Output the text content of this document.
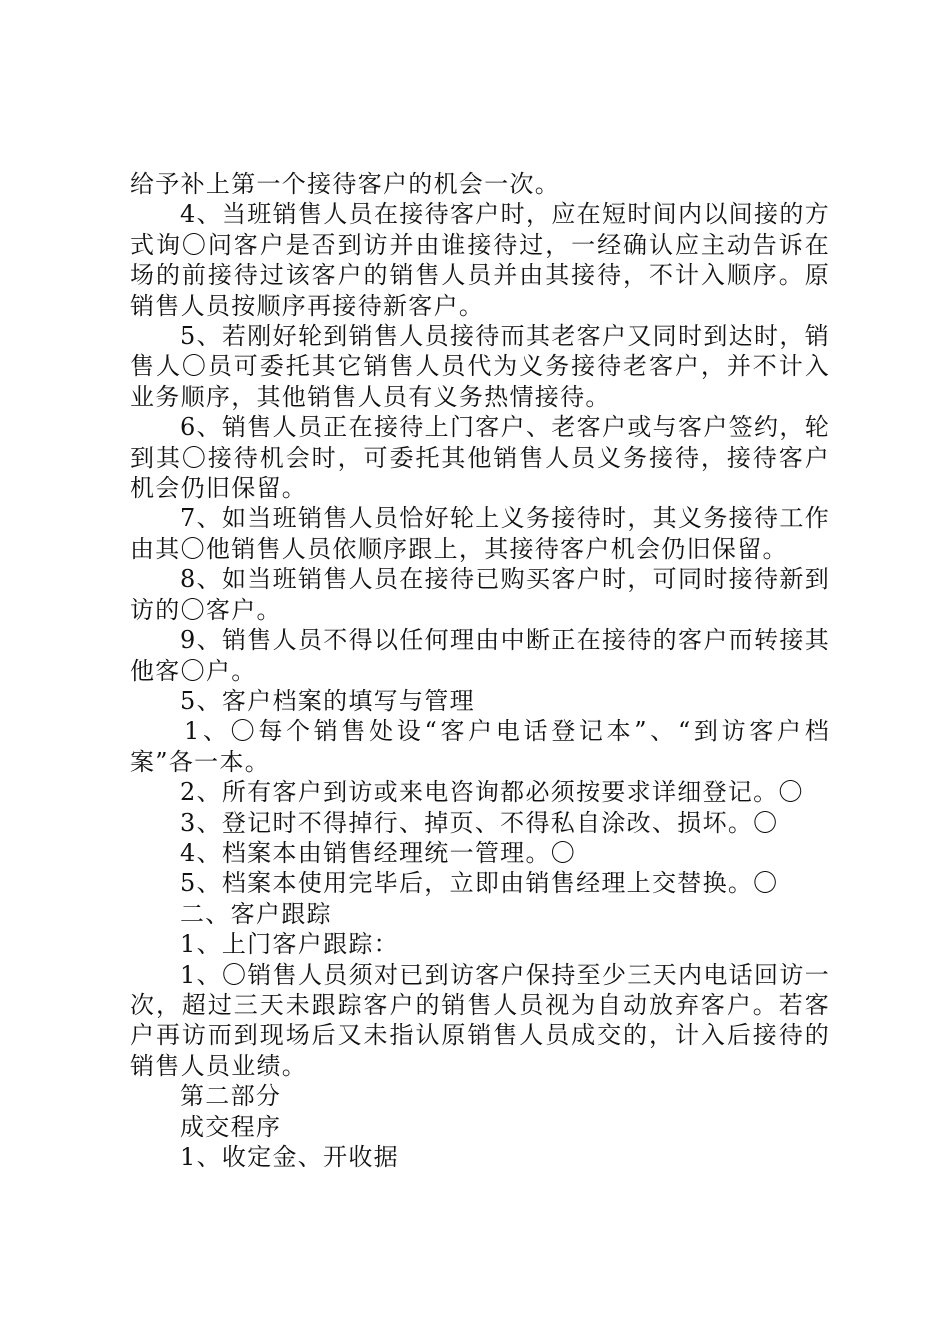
给予补上第一个接待客户的机会一次。

4、当班销售人员在接待客户时，应在短时间内以间接的方式询〇问客户是否到访并由谁接待过，一经确认应主动告诉在场的前接待过该客户的销售人员并由其接待，不计入顺序。原销售人员按顺序再接待新客户。

5、若刚好轮到销售人员接待而其老客户又同时到达时，销售人〇员可委托其它销售人员代为义务接待老客户，并不计入业务顺序，其他销售人员有义务热情接待。

6、销售人员正在接待上门客户、老客户或与客户签约，轮到其〇接待机会时，可委托其他销售人员义务接待，接待客户机会仍旧保留。

7、如当班销售人员恰好轮上义务接待时，其义务接待工作由其〇他销售人员依顺序跟上，其接待客户机会仍旧保留。

8、如当班销售人员在接待已购买客户时，可同时接待新到访的〇客户。

9、销售人员不得以任何理由中断正在接待的客户而转接其他客〇户。

5、客户档案的填写与管理

1、〇每个销售处设“客户电话登记本”、“到访客户档案”各一本。

2、所有客户到访或来电咨询都必须按要求详细登记。〇

3、登记时不得掉行、掉页、不得私自涂改、损坏。〇

4、档案本由销售经理统一管理。〇

5、档案本使用完毕后，立即由销售经理上交替换。〇

二、客户跟踪

1、上门客户跟踪：

1、〇销售人员须对已到访客户保持至少三天内电话回访一次，超过三天未跟踪客户的销售人员视为自动放弃客户。若客户再访而到现场后又未指认原销售人员成交的，计入后接待的销售人员业绩。

第二部分

成交程序

1、收定金、开收据
